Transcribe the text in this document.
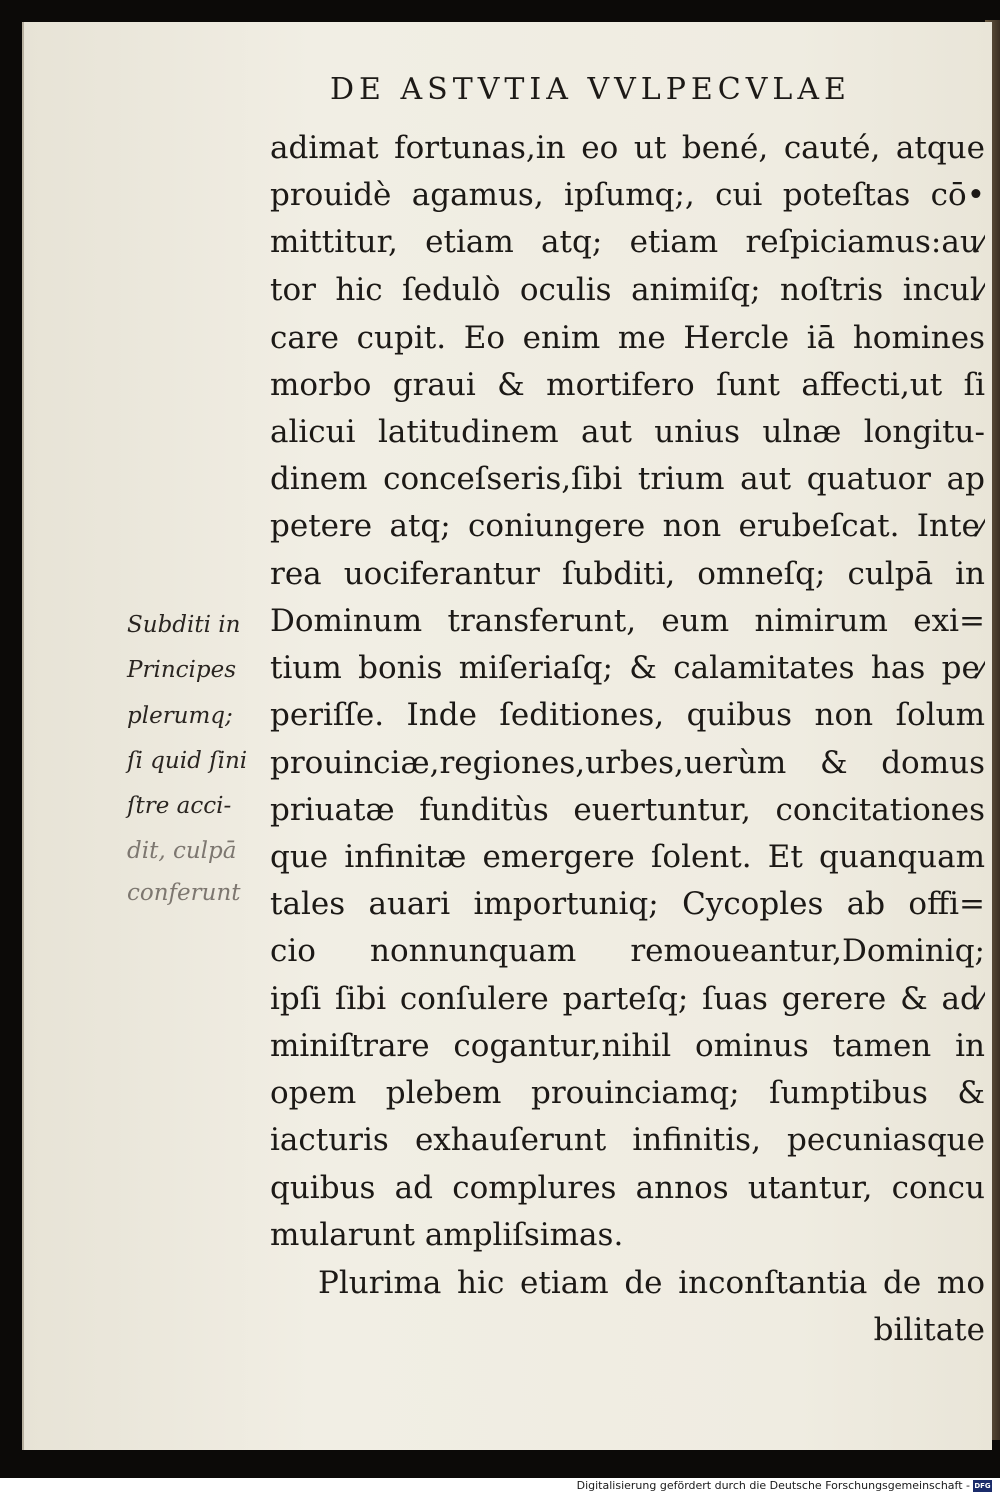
DE ASTVTIA VVLPECVLAE
adimat fortunas,in eo ut bené, cauté, atque
prouidè agamus, ipſumq;, cui poteſtas cō•
mittitur, etiam atq; etiam reſpiciamus:au⁄
tor hic ſedulò oculis animiſq; noſtris incul⁄
care cupit. Eo enim me Hercle iā homines
morbo graui & mortifero ſunt affecti,ut ſi
alicui latitudinem aut unius ulnæ longitu-
dinem conceſseris,ſibi trium aut quatuor ap
petere atq; coniungere non erubeſcat. Inte⁄
rea uociferantur ſubditi, omneſq; culpā in
Dominum transferunt, eum nimirum exi=
tium bonis miſeriaſq; & calamitates has pe⁄
periſſe. Inde ſeditiones, quibus non ſolum
prouinciæ,regiones,urbes,uerùm & domus
priuatæ funditùs euertuntur, concitationes
que infinitæ emergere ſolent. Et quanquam
tales auari importuniq; Cycoples ab offi=
cio nonnunquam remoueantur,Dominiq;
ipſi ſibi conſulere parteſq; ſuas gerere & ad⁄
miniſtrare cogantur,nihil ominus tamen in
opem plebem prouinciamq; ſumptibus &
iacturis exhauſerunt infinitis, pecuniasque
quibus ad complures annos utantur, concu
mularunt ampliſsimas.
Plurima hic etiam de inconſtantia de mo
bilitate
Subditi in
Principes
plerumq;
ſi quid ſini
ſtre acci-
dit, culpā
conferunt
Digitalisierung gefördert durch die Deutsche Forschungsgemeinschaft - DFG
